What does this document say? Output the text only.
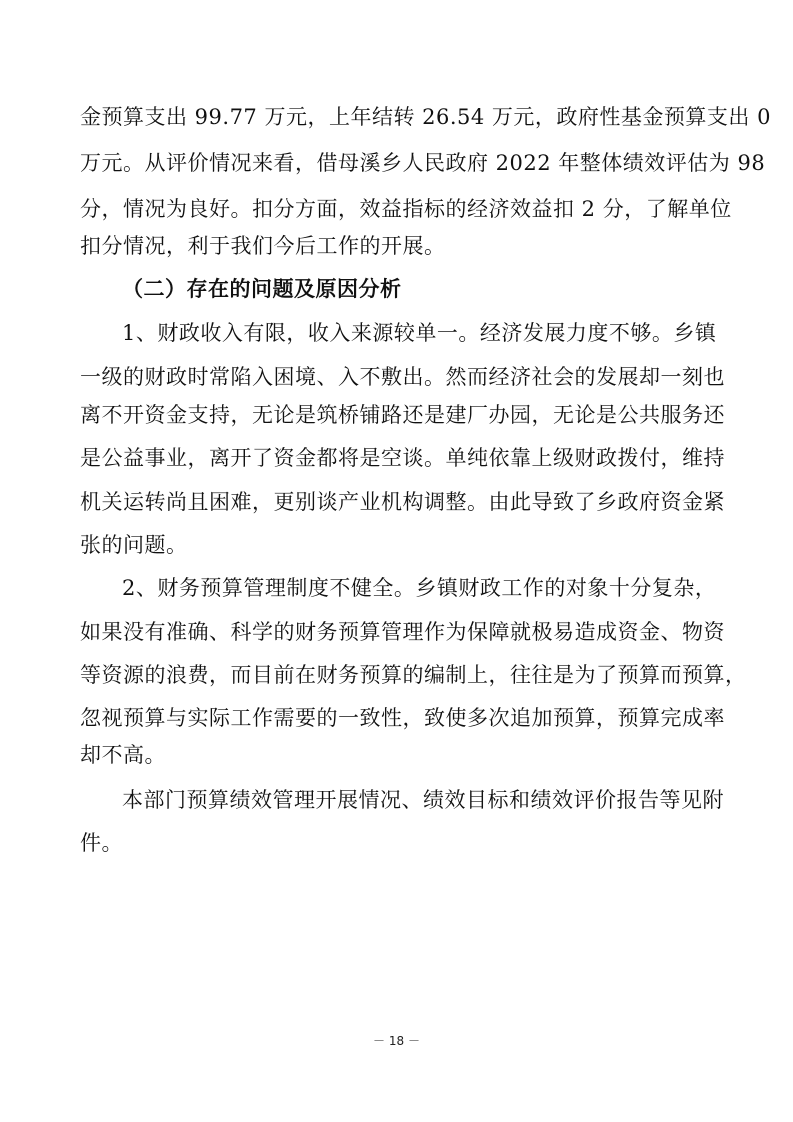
金预算支出 99.77 万元，上年结转 26.54 万元，政府性基金预算支出 0
万元。从评价情况来看，借母溪乡人民政府 2022 年整体绩效评估为 98
分，情况为良好。扣分方面，效益指标的经济效益扣 2 分，了解单位
扣分情况，利于我们今后工作的开展。
（二）存在的问题及原因分析
1、财政收入有限，收入来源较单一。经济发展力度不够。乡镇
一级的财政时常陷入困境、入不敷出。然而经济社会的发展却一刻也
离不开资金支持，无论是筑桥铺路还是建厂办园，无论是公共服务还
是公益事业，离开了资金都将是空谈。单纯依靠上级财政拨付，维持
机关运转尚且困难，更别谈产业机构调整。由此导致了乡政府资金紧
张的问题。
2、财务预算管理制度不健全。乡镇财政工作的对象十分复杂，
如果没有准确、科学的财务预算管理作为保障就极易造成资金、物资
等资源的浪费，而目前在财务预算的编制上，往往是为了预算而预算，
忽视预算与实际工作需要的一致性，致使多次追加预算，预算完成率
却不高。
本部门预算绩效管理开展情况、绩效目标和绩效评价报告等见附
件。
－ 18 －
